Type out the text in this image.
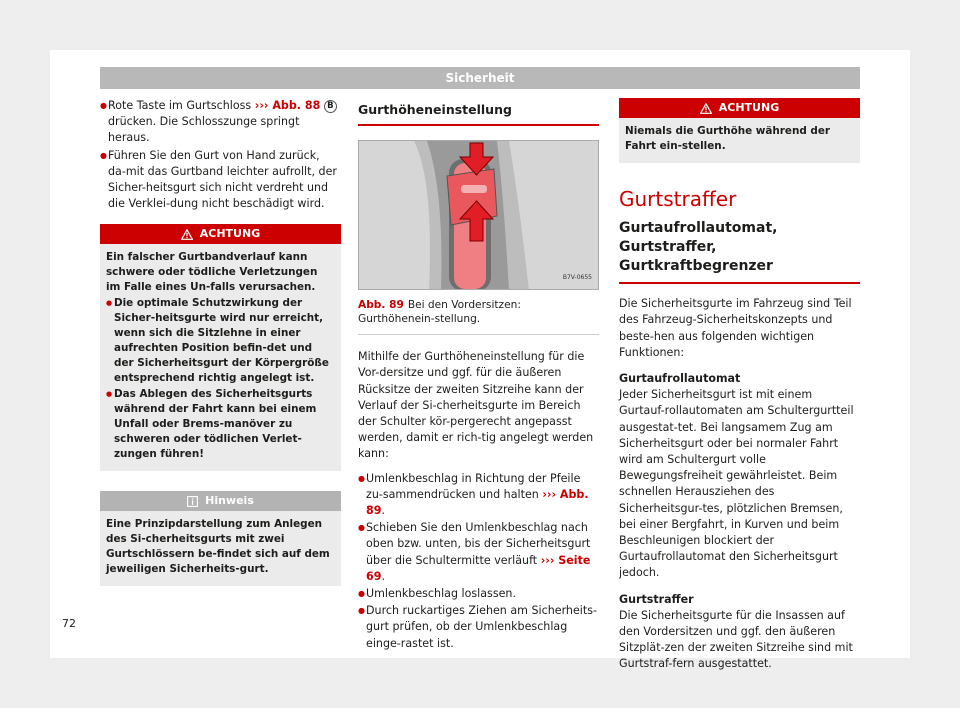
Sicherheit
● Rote Taste im Gurtschloss ››› Abb. 88 B drücken. Die Schlosszunge springt heraus.
● Führen Sie den Gurt von Hand zurück, da-mit das Gurtband leichter aufrollt, der Sicher-heitsgurt sich nicht verdreht und die Verklei-dung nicht beschädigt wird.
ACHTUNG

Ein falscher Gurtbandverlauf kann schwere oder tödliche Verletzungen im Falle eines Un-falls verursachen.

● Die optimale Schutzwirkung der Sicher-heitsgurte wird nur erreicht, wenn sich die Sitzlehne in einer aufrechten Position befin-det und der Sicherheitsgurt der Körpergröße entsprechend richtig angelegt ist.
● Das Ablegen des Sicherheitsgurts während der Fahrt kann bei einem Unfall oder Brems-manöver zu schweren oder tödlichen Verlet-zungen führen!
Hinweis

Eine Prinzipdarstellung zum Anlegen des Si-cherheitsgurts mit zwei Gurtschlössern be-findet sich auf dem jeweiligen Sicherheits-gurt.

Gurthöheneinstellung
B7V-0655
Abb. 89 Bei den Vordersitzen: Gurthöhenein-stellung.
Mithilfe der Gurthöheneinstellung für die Vor-dersitze und ggf. für die äußeren Rücksitze der zweiten Sitzreihe kann der Verlauf der Si-cherheitsgurte im Bereich der Schulter kör-pergerecht angepasst werden, damit er rich-tig angelegt werden kann:
● Umlenkbeschlag in Richtung der Pfeile zu-sammendrücken und halten ››› Abb. 89.
● Schieben Sie den Umlenkbeschlag nach oben bzw. unten, bis der Sicherheitsgurt über die Schultermitte verläuft ››› Seite 69.
● Umlenkbeschlag loslassen.
● Durch ruckartiges Ziehen am Sicherheits-gurt prüfen, ob der Umlenkbeschlag einge-rastet ist.
ACHTUNG

Niemals die Gurthöhe während der Fahrt ein-stellen.

Gurtstraffer
Gurtaufrollautomat, Gurtstraffer, Gurtkraftbegrenzer
Die Sicherheitsgurte im Fahrzeug sind Teil des Fahrzeug-Sicherheitskonzepts und beste-hen aus folgenden wichtigen Funktionen:
Gurtaufrollautomat
Jeder Sicherheitsgurt ist mit einem Gurtauf-rollautomaten am Schultergurtteil ausgestat-tet. Bei langsamem Zug am Sicherheitsgurt oder bei normaler Fahrt wird am Schultergurt volle Bewegungsfreiheit gewährleistet. Beim schnellen Herausziehen des Sicherheitsgur-tes, plötzlichen Bremsen, bei einer Bergfahrt, in Kurven und beim Beschleunigen blockiert der Gurtaufrollautomat den Sicherheitsgurt jedoch.
Gurtstraffer
Die Sicherheitsgurte für die Insassen auf den Vordersitzen und ggf. den äußeren Sitzplät-zen der zweiten Sitzreihe sind mit Gurtstraf-fern ausgestattet.
72
